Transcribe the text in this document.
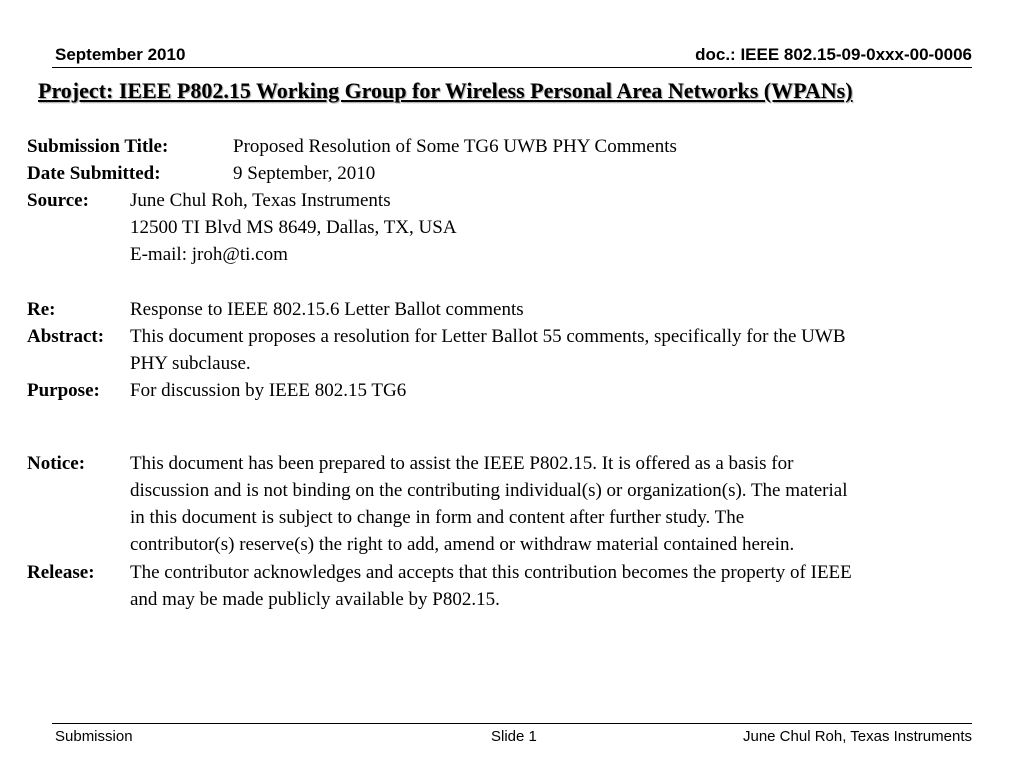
September 2010	doc.: IEEE 802.15-09-0xxx-00-0006
Project: IEEE P802.15 Working Group for Wireless Personal Area Networks (WPANs)
Submission Title:	Proposed Resolution of Some TG6 UWB PHY Comments
Date Submitted:	9 September, 2010
Source: June Chul Roh, Texas Instruments
12500 TI Blvd MS 8649, Dallas, TX, USA
E-mail: jroh@ti.com
Re:	Response to IEEE 802.15.6 Letter Ballot comments
Abstract: This document proposes a resolution for Letter Ballot 55 comments, specifically for the UWB
PHY subclause.
Purpose: For discussion by IEEE 802.15 TG6
Notice: This document has been prepared to assist the IEEE P802.15. It is offered as a basis for
discussion and is not binding on the contributing individual(s) or organization(s). The material
in this document is subject to change in form and content after further study. The
contributor(s) reserve(s) the right to add, amend or withdraw material contained herein.
Release: The contributor acknowledges and accepts that this contribution becomes the property of IEEE
and may be made publicly available by P802.15.
Submission	Slide 1	June Chul Roh, Texas Instruments
